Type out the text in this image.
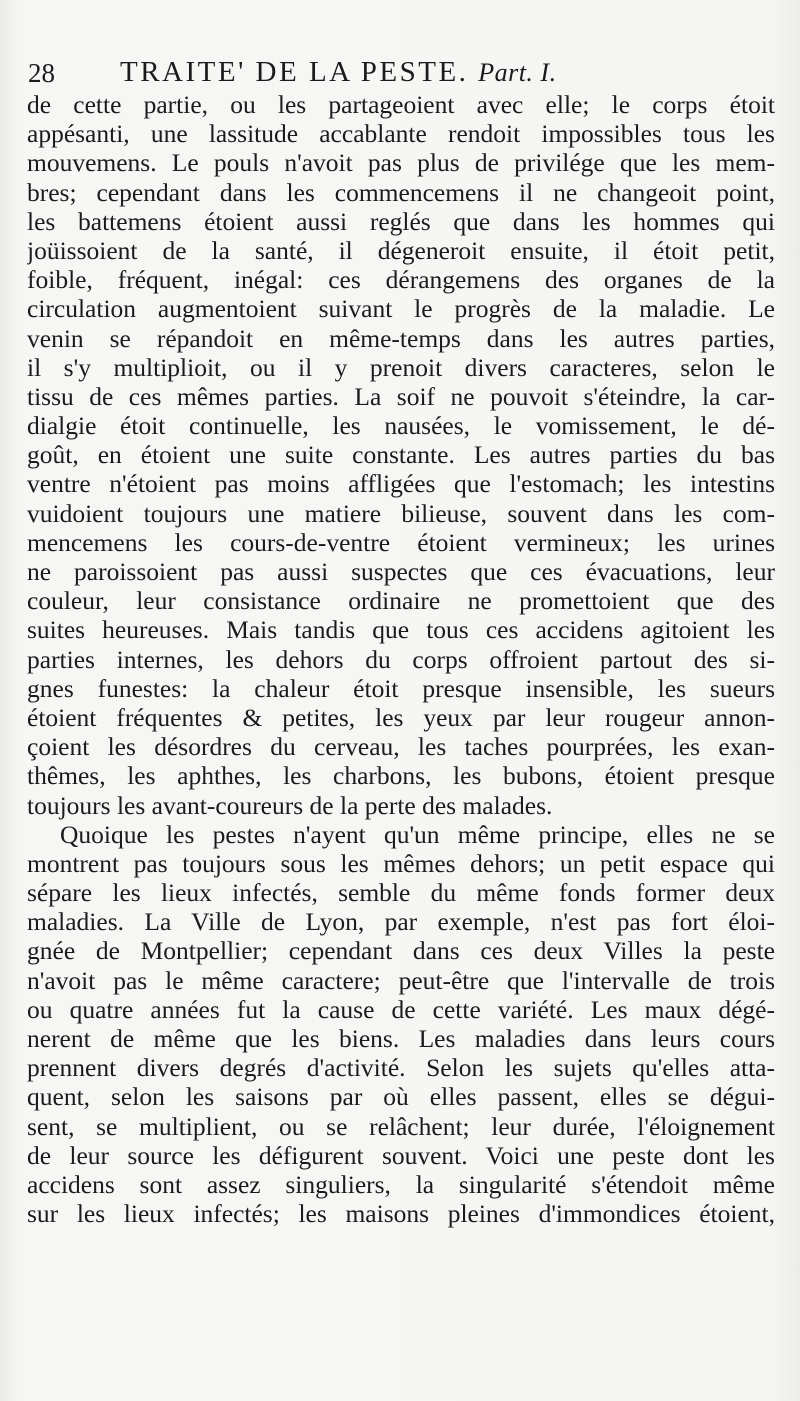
28 TRAITE' DE LA PESTE. Part. I.
de cette partie, ou les partageoient avec elle; le corps étoit
appésanti, une lassitude accablante rendoit impossibles tous les
mouvemens. Le pouls n'avoit pas plus de privilége que les mem-
bres; cependant dans les commencemens il ne changeoit point,
les battemens étoient aussi reglés que dans les hommes qui
joüissoient de la santé, il dégeneroit ensuite, il étoit petit,
foible, fréquent, inégal: ces dérangemens des organes de la
circulation augmentoient suivant le progrès de la maladie. Le
venin se répandoit en même-temps dans les autres parties,
il s'y multiplioit, ou il y prenoit divers caracteres, selon le
tissu de ces mêmes parties. La soif ne pouvoit s'éteindre, la car-
dialgie étoit continuelle, les nausées, le vomissement, le dé-
goût, en étoient une suite constante. Les autres parties du bas
ventre n'étoient pas moins affligées que l'estomach; les intestins
vuidoient toujours une matiere bilieuse, souvent dans les com-
mencemens les cours-de-ventre étoient vermineux; les urines
ne paroissoient pas aussi suspectes que ces évacuations, leur
couleur, leur consistance ordinaire ne promettoient que des
suites heureuses. Mais tandis que tous ces accidens agitoient les
parties internes, les dehors du corps offroient partout des si-
gnes funestes: la chaleur étoit presque insensible, les sueurs
étoient fréquentes & petites, les yeux par leur rougeur annon-
çoient les désordres du cerveau, les taches pourprées, les exan-
thêmes, les aphthes, les charbons, les bubons, étoient presque
toujours les avant-coureurs de la perte des malades.
Quoique les pestes n'ayent qu'un même principe, elles ne se
montrent pas toujours sous les mêmes dehors; un petit espace qui
sépare les lieux infectés, semble du même fonds former deux
maladies. La Ville de Lyon, par exemple, n'est pas fort éloi-
gnée de Montpellier; cependant dans ces deux Villes la peste
n'avoit pas le même caractere; peut-être que l'intervalle de trois
ou quatre années fut la cause de cette variété. Les maux dégé-
nerent de même que les biens. Les maladies dans leurs cours
prennent divers degrés d'activité. Selon les sujets qu'elles atta-
quent, selon les saisons par où elles passent, elles se dégui-
sent, se multiplient, ou se relâchent; leur durée, l'éloignement
de leur source les défigurent souvent. Voici une peste dont les
accidens sont assez singuliers, la singularité s'étendoit même
sur les lieux infectés; les maisons pleines d'immondices étoient,
